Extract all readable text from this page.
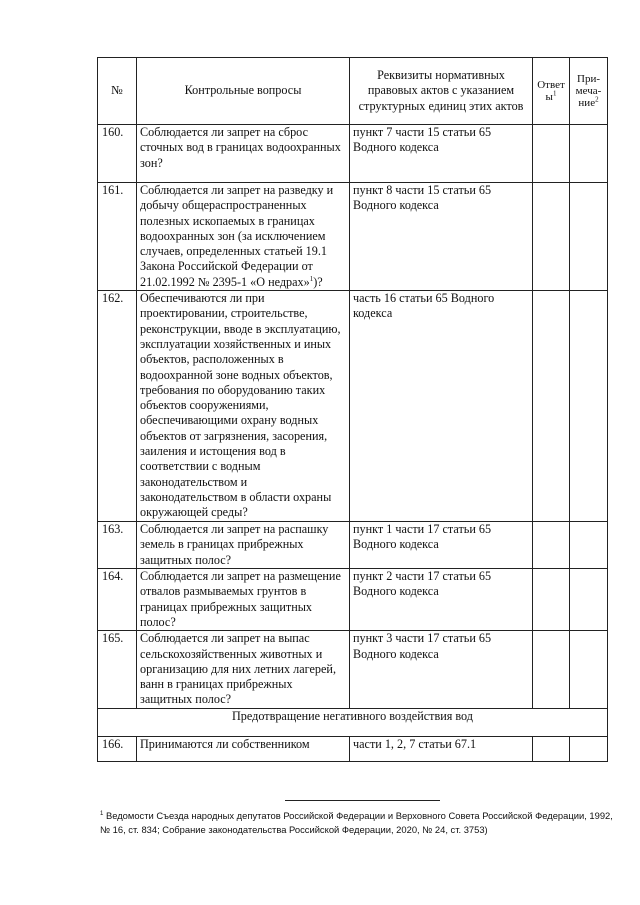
№	Контрольные вопросы	Реквизиты нормативных правовых актов с указанием структурных единиц этих актов	Ответ $ы^1$	При-меча-ние$^2$
160.	Соблюдается ли запрет на сброс сточных вод в границах водоохранных зон?	пункт 7 части 15 статьи 65 Водного кодекса		
161.	Соблюдается ли запрет на разведку и добычу общераспространенных полезных ископаемых в границах водоохранных зон (за исключением случаев, определенных статьей 19.1 Закона Российской Федерации от 21.02.1992 № 2395-1 «О недрах»$^1$)?	пункт 8 части 15 статьи 65 Водного кодекса		
162.	Обеспечиваются ли при проектировании, строительстве, реконструкции, вводе в эксплуатацию, эксплуатации хозяйственных и иных объектов, расположенных в водоохранной зоне водных объектов, требования по оборудованию таких объектов сооружениями, обеспечивающими охрану водных объектов от загрязнения, засорения, заиления и истощения вод в соответствии с водным законодательством и законодательством в области охраны окружающей среды?	часть 16 статьи 65 Водного кодекса		
163.	Соблюдается ли запрет на распашку земель в границах прибрежных защитных полос?	пункт 1 части 17 статьи 65 Водного кодекса		
164.	Соблюдается ли запрет на размещение отвалов размываемых грунтов в границах прибрежных защитных полос?	пункт 2 части 17 статьи 65 Водного кодекса		
165.	Соблюдается ли запрет на выпас сельскохозяйственных животных и организацию для них летних лагерей, ванн в границах прибрежных защитных полос?	пункт 3 части 17 статьи 65 Водного кодекса		
Предотвращение негативного воздействия вод				
166.	Принимаются ли собственником	части 1, 2, 7 статьи 67.1		
$^1$ Ведомости Съезда народных депутатов Российской Федерации и Верховного Совета Российской Федерации, 1992, № 16, ст. 834; Собрание законодательства Российской Федерации, 2020, № 24, ст. 3753)
